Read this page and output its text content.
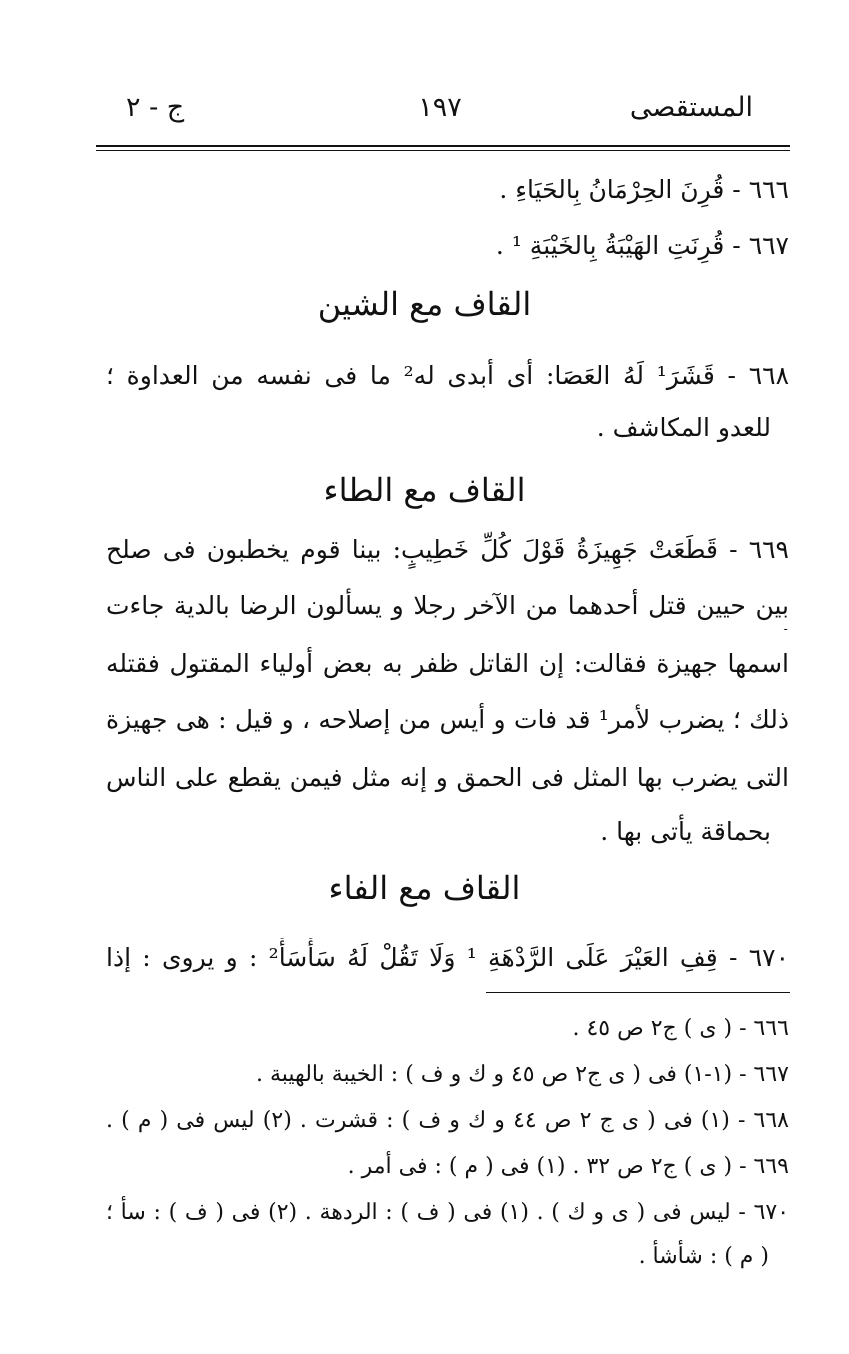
المستقصى
١٩٧
ج - ٢
٦٦٦ - قُرِنَ الحِرْمَانُ بِالحَيَاءِ .
٦٦٧ - قُرِنَتِ الهَيْبَةُ بِالخَيْبَةِ ¹ .
القاف مع الشين
٦٦٨ - قَشَرَ¹ لَهُ العَصَا: أى أبدى له² ما فى نفسه من العداوة ؛
للعدو المكاشف .
القاف مع الطاء
٦٦٩ - قَطَعَتْ جَهِيزَةُ قَوْلَ كُلِّ خَطِيبٍ: بينا قوم يخطبون فى صلح
بين حيين قتل أحدهما من الآخر رجلا و يسألون الرضا بالدية جاءت
اسمها جهيزة فقالت: إن القاتل ظفر به بعض أولياء المقتول فقتله
ذلك ؛ يضرب لأمر¹ قد فات و أيس من إصلاحه ، و قيل : هى جهيزة
التى يضرب بها المثل فى الحمق و إنه مثل فيمن يقطع على الناس
بحماقة يأتى بها .
القاف مع الفاء
٦٧٠ - قِفِ العَيْرَ عَلَى الرَّدْهَةِ ¹ وَلَا تَقُلْ لَهُ سَأْسَأْ² : و يروى : إذا
٦٦٦ - ( ى ) ج٢ ص ٤٥ .
٦٦٧ - (١-١) فى ( ى ج٢ ص ٤٥ و ك و ف ) : الخيبة بالهيبة .
٦٦٨ - (١) فى ( ى ج ٢ ص ٤٤ و ك و ف ) : قشرت . (٢) ليس فى ( م ) .
٦٦٩ - ( ى ) ج٢ ص ٣٢ . (١) فى ( م ) : فى أمر .
٦٧٠ - ليس فى ( ى و ك ) . (١) فى ( ف ) : الردهة . (٢) فى ( ف ) : سأ ؛
( م ) : شأشأ .
